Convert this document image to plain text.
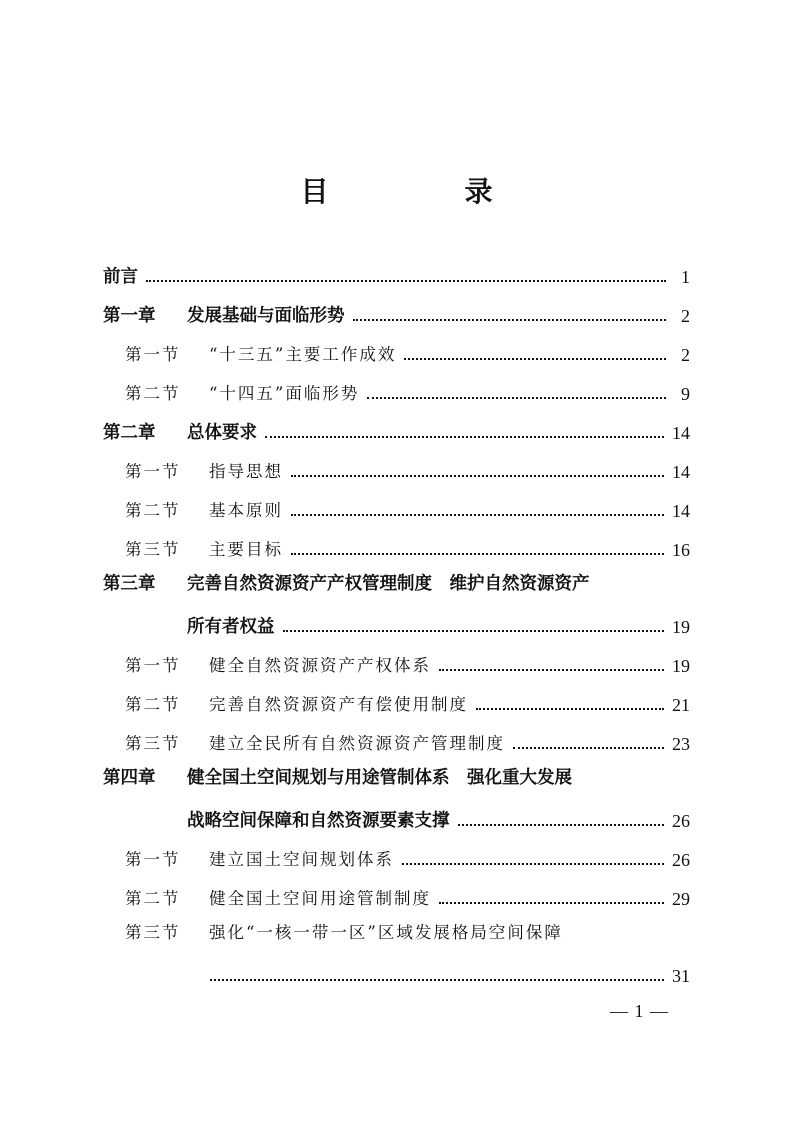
目　录
前言	1
第一章	发展基础与面临形势	2
第一节	“十三五”主要工作成效	2
第二节	“十四五”面临形势	9
第二章	总体要求	14
第一节	指导思想	14
第二节	基本原则	14
第三节	主要目标	16
第三章 完善自然资源资产产权管理制度　维护自然资源资产
所有者权益	19
第一节	健全自然资源资产产权体系	19
第二节	完善自然资源资产有偿使用制度	21
第三节	建立全民所有自然资源资产管理制度	23
第四章 健全国土空间规划与用途管制体系　强化重大发展
战略空间保障和自然资源要素支撑	26
第一节	建立国土空间规划体系	26
第二节	健全国土空间用途管制制度	29
第三节 强化“一核一带一区”区域发展格局空间保障
31
— 1 —
